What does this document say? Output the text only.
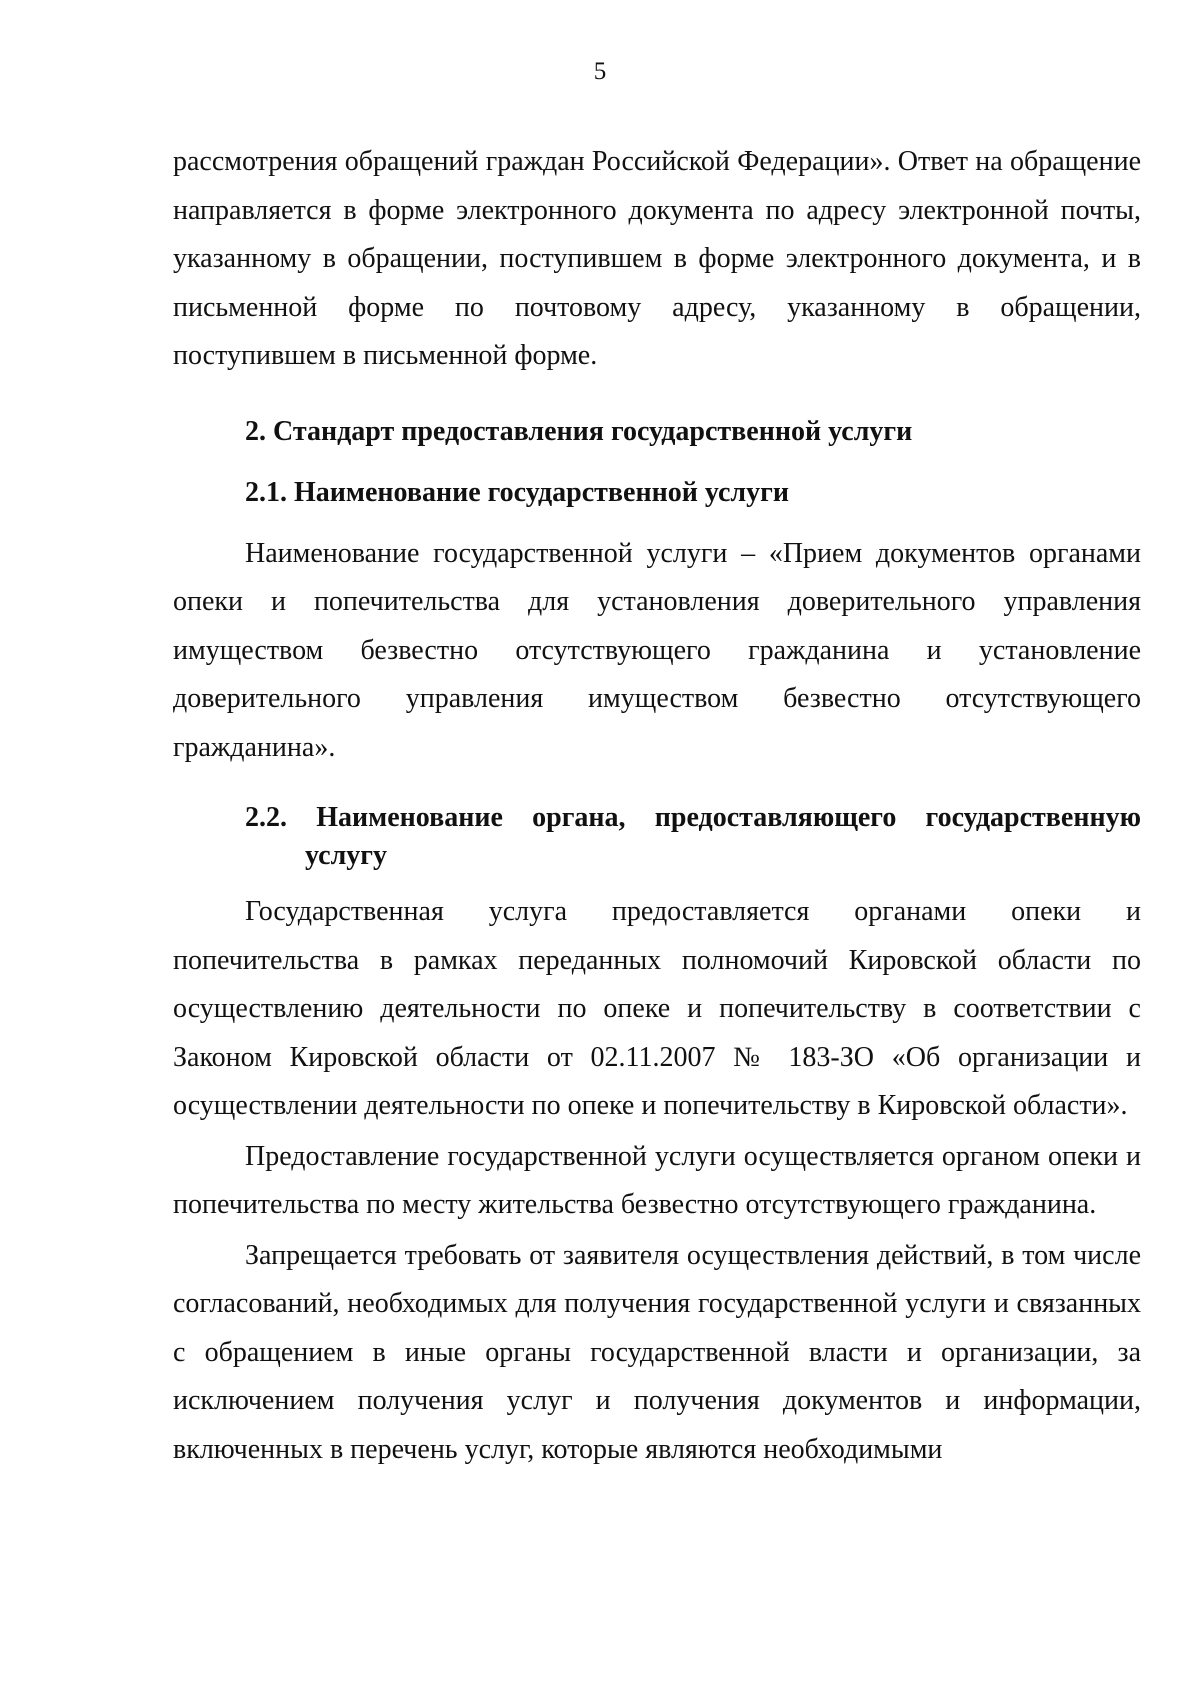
5

рассмотрения обращений граждан Российской Федерации». Ответ на обращение направляется в форме электронного документа по адресу электронной почты, указанному в обращении, поступившем в форме электронного документа, и в письменной форме по почтовому адресу, указанному в обращении, поступившем в письменной форме.

2. Стандарт предоставления государственной услуги

2.1. Наименование государственной услуги

Наименование государственной услуги – «Прием документов органами опеки и попечительства для установления доверительного управления имуществом безвестно отсутствующего гражданина и установление доверительного управления имуществом безвестно отсутствующего гражданина».

2.2. Наименование органа, предоставляющего государственную услугу

Государственная услуга предоставляется органами опеки и попечительства в рамках переданных полномочий Кировской области по осуществлению деятельности по опеке и попечительству в соответствии с Законом Кировской области от 02.11.2007 № 183-ЗО «Об организации и осуществлении деятельности по опеке и попечительству в Кировской области».

Предоставление государственной услуги осуществляется органом опеки и попечительства по месту жительства безвестно отсутствующего гражданина.

Запрещается требовать от заявителя осуществления действий, в том числе согласований, необходимых для получения государственной услуги и связанных с обращением в иные органы государственной власти и организации, за исключением получения услуг и получения документов и информации, включенных в перечень услуг, которые являются необходимыми
